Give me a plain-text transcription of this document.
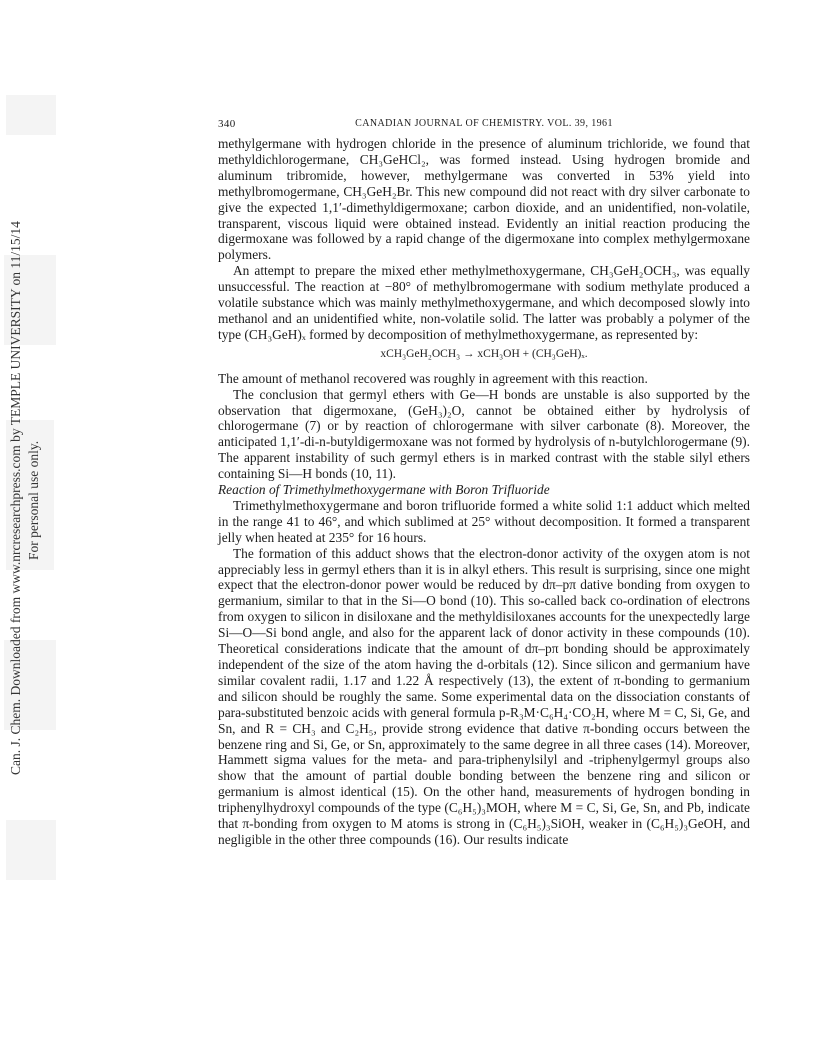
Can. J. Chem. Downloaded from www.nrcresearchpress.com by TEMPLE UNIVERSITY on 11/15/14 For personal use only.
340	CANADIAN JOURNAL OF CHEMISTRY. VOL. 39, 1961

methylgermane with hydrogen chloride in the presence of aluminum trichloride, we found that methyldichlorogermane, CH₃GeHCl₂, was formed instead. Using hydrogen bromide and aluminum tribromide, however, methylgermane was converted in 53% yield into methylbromogermane, CH₃GeH₂Br. This new compound did not react with dry silver carbonate to give the expected 1,1′-dimethyldigermoxane; carbon dioxide, and an unidentified, non-volatile, transparent, viscous liquid were obtained instead. Evidently an initial reaction producing the digermoxane was followed by a rapid change of the digermoxane into complex methylgermoxane polymers.

An attempt to prepare the mixed ether methylmethoxygermane, CH₃GeH₂OCH₃, was equally unsuccessful. The reaction at −80° of methylbromogermane with sodium methylate produced a volatile substance which was mainly methylmethoxygermane, and which decomposed slowly into methanol and an unidentified white, non-volatile solid. The latter was probably a polymer of the type (CH₃GeH)ₓ formed by decomposition of methylmethoxygermane, as represented by:

xCH₃GeH₂OCH₃ → xCH₃OH + (CH₃GeH)ₓ.

The amount of methanol recovered was roughly in agreement with this reaction.

The conclusion that germyl ethers with Ge—H bonds are unstable is also supported by the observation that digermoxane, (GeH₃)₂O, cannot be obtained either by hydrolysis of chlorogermane (7) or by reaction of chlorogermane with silver carbonate (8). Moreover, the anticipated 1,1′-di-n-butyldigermoxane was not formed by hydrolysis of n-butylchlorogermane (9). The apparent instability of such germyl ethers is in marked contrast with the stable silyl ethers containing Si—H bonds (10, 11).

Reaction of Trimethylmethoxygermane with Boron Trifluoride

Trimethylmethoxygermane and boron trifluoride formed a white solid 1:1 adduct which melted in the range 41 to 46°, and which sublimed at 25° without decomposition. It formed a transparent jelly when heated at 235° for 16 hours.

The formation of this adduct shows that the electron-donor activity of the oxygen atom is not appreciably less in germyl ethers than it is in alkyl ethers. This result is surprising, since one might expect that the electron-donor power would be reduced by dπ–pπ dative bonding from oxygen to germanium, similar to that in the Si—O bond (10). This so-called back co-ordination of electrons from oxygen to silicon in disiloxane and the methyldisiloxanes accounts for the unexpectedly large Si—O—Si bond angle, and also for the apparent lack of donor activity in these compounds (10). Theoretical considerations indicate that the amount of dπ–pπ bonding should be approximately independent of the size of the atom having the d-orbitals (12). Since silicon and germanium have similar covalent radii, 1.17 and 1.22 Å respectively (13), the extent of π-bonding to germanium and silicon should be roughly the same. Some experimental data on the dissociation constants of para-substituted benzoic acids with general formula p-R₃M·C₆H₄·CO₂H, where M = C, Si, Ge, and Sn, and R = CH₃ and C₂H₅, provide strong evidence that dative π-bonding occurs between the benzene ring and Si, Ge, or Sn, approximately to the same degree in all three cases (14). Moreover, Hammett sigma values for the meta- and para-triphenylsilyl and -triphenylgermyl groups also show that the amount of partial double bonding between the benzene ring and silicon or germanium is almost identical (15). On the other hand, measurements of hydrogen bonding in triphenylhydroxyl compounds of the type (C₆H₅)₃MOH, where M = C, Si, Ge, Sn, and Pb, indicate that π-bonding from oxygen to M atoms is strong in (C₆H₅)₃SiOH, weaker in (C₆H₅)₃GeOH, and negligible in the other three compounds (16). Our results indicate
